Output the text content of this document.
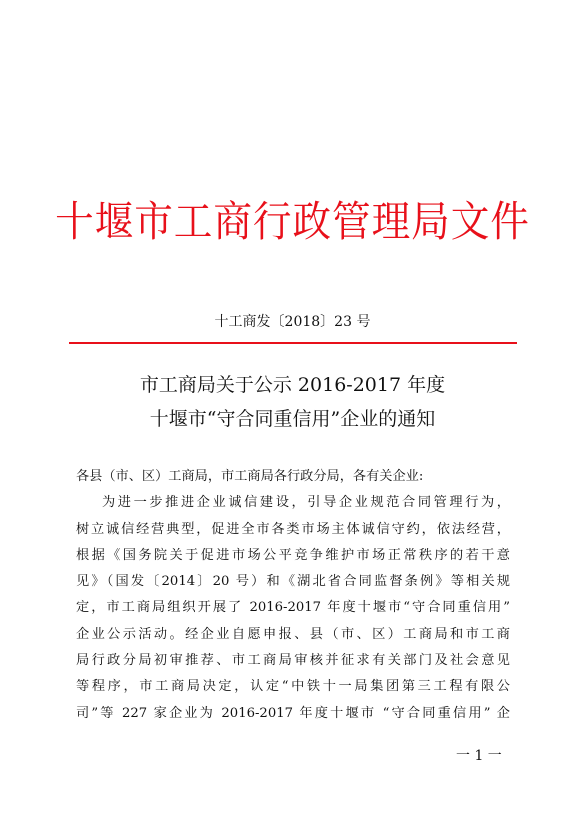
十堰市工商行政管理局文件
十工商发〔2018〕23 号
市工商局关于公示 2016-2017 年度
十堰市“守合同重信用”企业的通知
各县（市、区）工商局，市工商局各行政分局，各有关企业:
为进一步推进企业诚信建设，引导企业规范合同管理行为，
树立诚信经营典型，促进全市各类市场主体诚信守约，依法经营，
根据《国务院关于促进市场公平竞争维护市场正常秩序的若干意
见》（国发〔2014〕20 号）和《湖北省合同监督条例》等相关规
定，市工商局组织开展了 2016-2017 年度十堰市“守合同重信用”
企业公示活动。经企业自愿申报、县（市、区）工商局和市工商
局行政分局初审推荐、市工商局审核并征求有关部门及社会意见
等程序，市工商局决定，认定“中铁十一局集团第三工程有限公
司”等 227 家企业为 2016-2017 年度十堰市 “守合同重信用” 企
一 1 一
